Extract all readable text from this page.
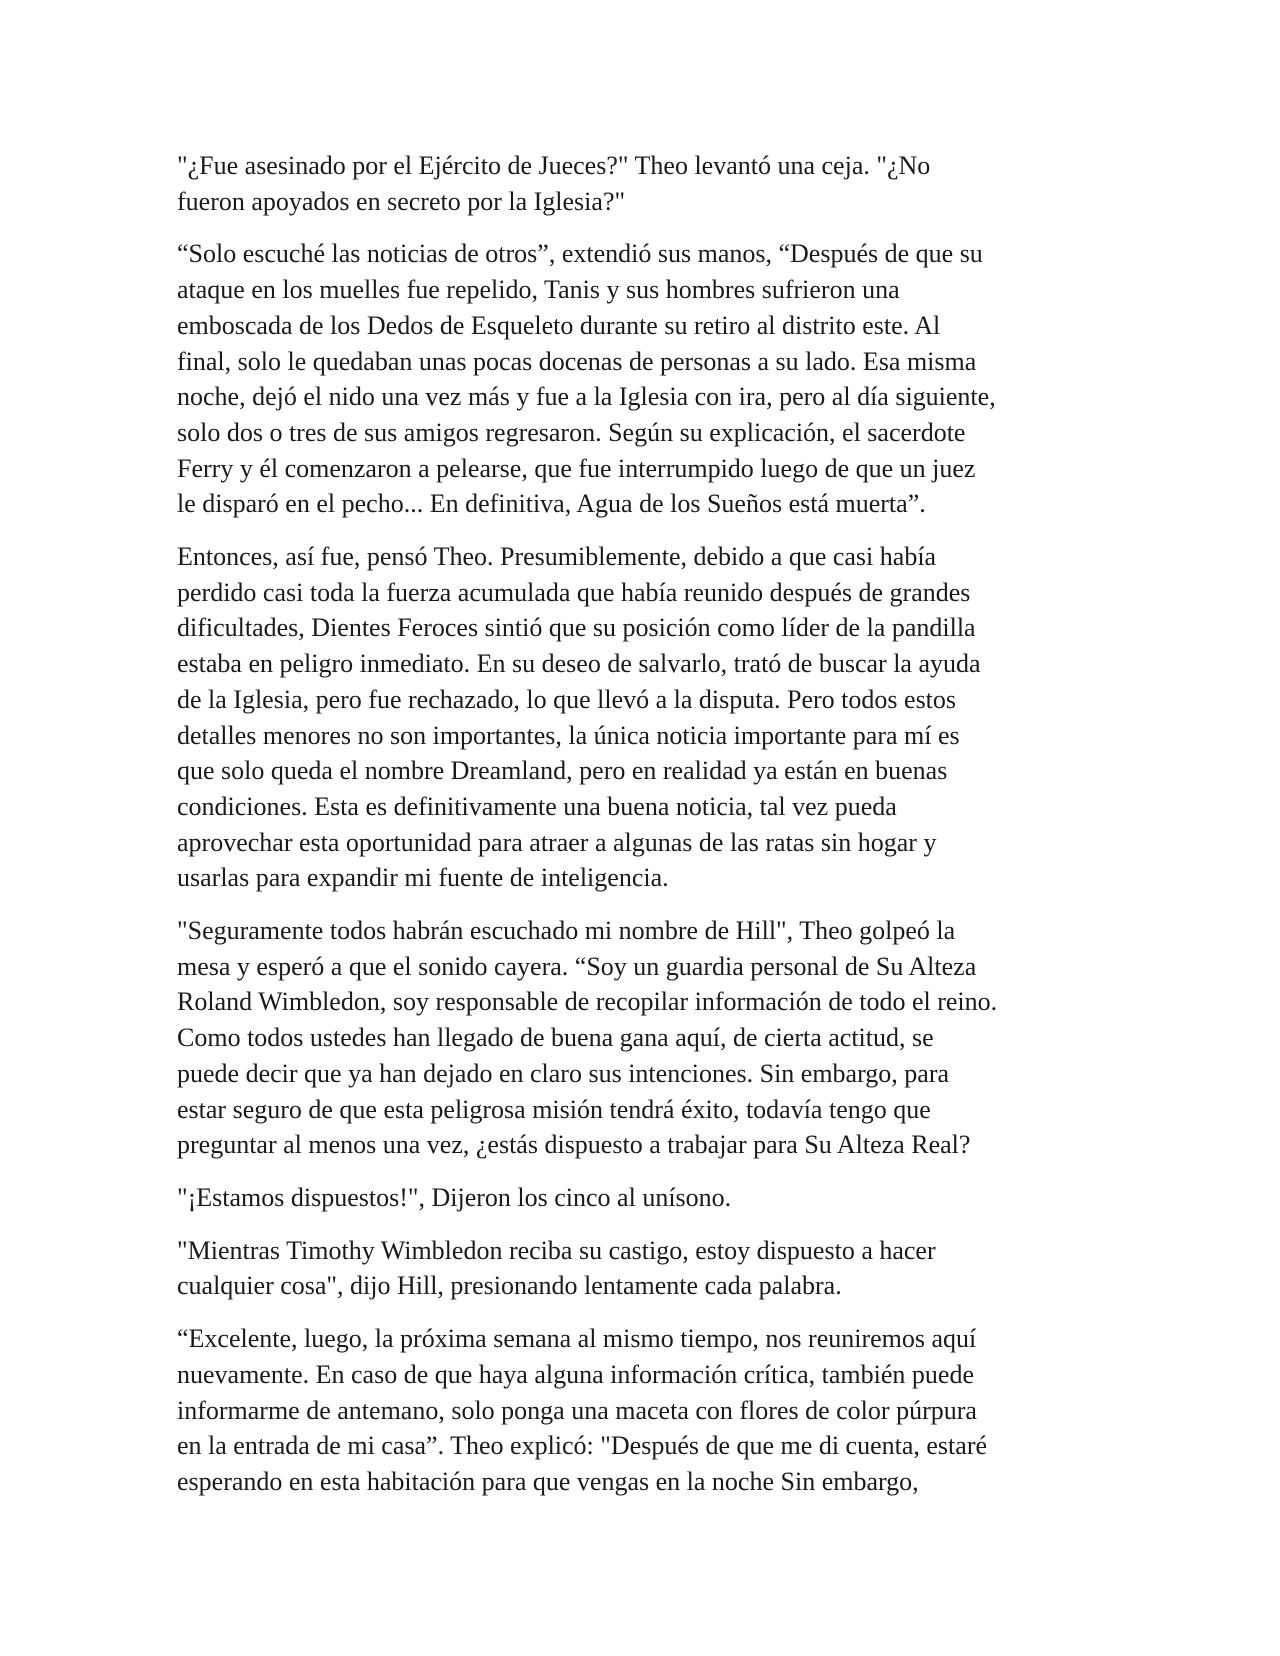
"¿Fue asesinado por el Ejército de Jueces?" Theo levantó una ceja. "¿No
fueron apoyados en secreto por la Iglesia?"

“Solo escuché las noticias de otros”, extendió sus manos, “Después de que su
ataque en los muelles fue repelido, Tanis y sus hombres sufrieron una
emboscada de los Dedos de Esqueleto durante su retiro al distrito este. Al
final, solo le quedaban unas pocas docenas de personas a su lado. Esa misma
noche, dejó el nido una vez más y fue a la Iglesia con ira, pero al día siguiente,
solo dos o tres de sus amigos regresaron. Según su explicación, el sacerdote
Ferry y él comenzaron a pelearse, que fue interrumpido luego de que un juez
le disparó en el pecho... En definitiva, Agua de los Sueños está muerta”.

Entonces, así fue, pensó Theo. Presumiblemente, debido a que casi había
perdido casi toda la fuerza acumulada que había reunido después de grandes
dificultades, Dientes Feroces sintió que su posición como líder de la pandilla
estaba en peligro inmediato. En su deseo de salvarlo, trató de buscar la ayuda
de la Iglesia, pero fue rechazado, lo que llevó a la disputa. Pero todos estos
detalles menores no son importantes, la única noticia importante para mí es
que solo queda el nombre Dreamland, pero en realidad ya están en buenas
condiciones. Esta es definitivamente una buena noticia, tal vez pueda
aprovechar esta oportunidad para atraer a algunas de las ratas sin hogar y
usarlas para expandir mi fuente de inteligencia.

"Seguramente todos habrán escuchado mi nombre de Hill", Theo golpeó la
mesa y esperó a que el sonido cayera. “Soy un guardia personal de Su Alteza
Roland Wimbledon, soy responsable de recopilar información de todo el reino.
Como todos ustedes han llegado de buena gana aquí, de cierta actitud, se
puede decir que ya han dejado en claro sus intenciones. Sin embargo, para
estar seguro de que esta peligrosa misión tendrá éxito, todavía tengo que
preguntar al menos una vez, ¿estás dispuesto a trabajar para Su Alteza Real?

"¡Estamos dispuestos!", Dijeron los cinco al unísono.

"Mientras Timothy Wimbledon reciba su castigo, estoy dispuesto a hacer
cualquier cosa", dijo Hill, presionando lentamente cada palabra.

“Excelente, luego, la próxima semana al mismo tiempo, nos reuniremos aquí
nuevamente. En caso de que haya alguna información crítica, también puede
informarme de antemano, solo ponga una maceta con flores de color púrpura
en la entrada de mi casa”. Theo explicó: "Después de que me di cuenta, estaré
esperando en esta habitación para que vengas en la noche Sin embargo,
